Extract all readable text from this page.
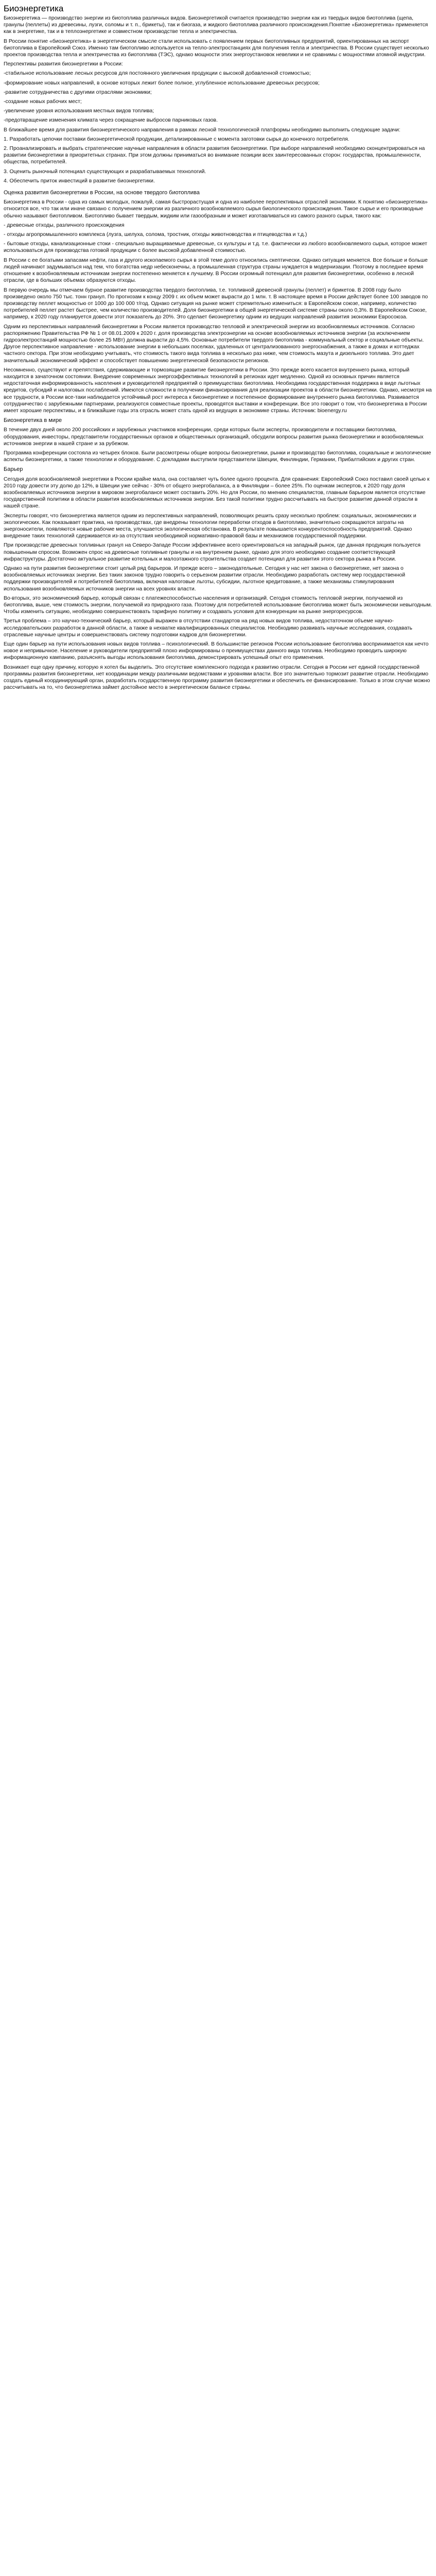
Биоэнергетика

Биоэнергетика — производство энергии из биотоплива различных видов. Биоэнергетикой считается производство энергии как из твердых видов биотоплива (щепа, гранулы (пеллеты) из древесины, лузги, соломы и т. п., брикеты), так и биогаза, и жидкого биотоплива различного происхождения.Понятие «Биоэнергетика» применяется как в энергетике, так и в теплоэнергетике и совместном производстве тепла и электричества.

В России понятие «биоэнергетика» в энергетическом смысле стали использовать с появлением первых биотопливных предприятий, ориентированных на экспорт биотоплива в Европейский Союз. Именно там биотопливо используется на тепло-электростанциях для получения тепла и электричества. В России существует несколько проектов производства тепла и электричества из биотоплива (ТЭС), однако мощности этих энергоустановок невелики и не сравнимы с мощностями атомной индустрии.

Перспективы развития биоэнергетики в России:

-стабильное использование лесных ресурсов для постоянного увеличения продукции с высокой добавленной стоимостью;

-формирование новых направлений, в основе которых лежит более полное, углубленное использование древесных ресурсов;

-развитие сотрудничества с другими отраслями экономики;

-создание новых рабочих мест;

-увеличение уровня использования местных видов топлива;

-предотвращение изменения климата через сокращение выбросов парниковых газов.

В ближайшее время для развития биоэнергетического направления в рамках лесной технологической платформы необходимо выполнить следующие задачи:

1. Разработать цепочки поставки биоэнергетической продукции, детализированные с момента заготовки сырья до конечного потребителя.

2. Проанализировать и выбрать стратегические научные направления в области развития биоэнергетики. При выборе направлений необходимо сконцентрироваться на развитии биоэнергетики в приоритетных странах. При этом должны приниматься во внимание позиции всех заинтересованных сторон: государства, промышленности, общества, потребителей.

3. Оценить рыночный потенциал существующих и разрабатываемых технологий.

4. Обеспечить приток инвестиций в развитие биоэнергетики.

Оценка развития биоэнергетики в России, на основе твердого биотоплива

Биоэнергетика в России - одна из самых молодых, пожалуй, самая быстрорастущая и одна из наиболее перспективных отраслей экономики. К понятию «биоэнергетика» относится все, что так или иначе связано с получением энергии из различного возобновляемого сырья биологического происхождения. Такое сырье и его производные обычно называют биотопливом. Биотопливо бывает твердым, жидким или газообразным и может изготавливаться из самого разного сырья, такого как:

- древесные отходы, различного происхождения

- отходы агропромышленного комплекса (лузга, шелуха, солома, тростник, отходы животноводства и птицеводства и т.д.)

- бытовые отходы, канализационные стоки - специально выращиваемые древесные, сх культуры и т.д. т.е. фактически из любого возобновляемого сырья, которое может использоваться для производства готовой продукции с более высокой добавленной стоимостью.

В России с ее богатыми запасами нефти, газа и другого ископаемого сырья в этой теме долго относились скептически. Однако ситуация меняется. Все больше и больше людей начинают задумываться над тем, что богатства недр небесконечны, а промышленная структура страны нуждается в модернизации. Поэтому в последнее время отношение к возобновляемым источникам энергии постепенно меняется к лучшему. В России огромный потенциал для развития биоэнергетики, особенно в лесной отрасли, где в больших объемах образуются отходы.

В первую очередь мы отмечаем бурное развитие производства твердого биотоплива, т.е. топливной древесной гранулы (пеллет) и брикетов. В 2008 году было произведено около 750 тыс. тонн гранул. По прогнозам к концу 2009 г. их объем может вырасти до 1 млн. т. В настоящее время в России действует более 100 заводов по производству пеллет мощностью от 1000 до 100 000 т/год. Однако ситуация на рынке может стремительно измениться: в Европейском союзе, например, количество потребителей пеллет растет быстрее, чем количество производителей. Доля биоэнергетики в общей энергетической системе страны около 0,3%. В Европейском Союзе, например, к 2020 году планируется довести этот показатель до 20%. Это сделает биоэнергетику одним из ведущих направлений развития экономики Евросоюза.

Одним из перспективных направлений биоэнергетики в России является производство тепловой и электрической энергии из возобновляемых источников. Согласно распоряжению Правительства РФ № 1 от 08.01.2009 к 2020 г. доля производства электроэнергии на основе возобновляемых источников энергии (за исключением гидроэлектростанций мощностью более 25 МВт) должна вырасти до 4,5%. Основные потребители твердого биотоплива - коммунальный сектор и социальные объекты. Другое перспективное направление - использование энергии в небольших поселках, удаленных от централизованного энергоснабжения, а также в домах и коттеджах частного сектора. При этом необходимо учитывать, что стоимость такого вида топлива в несколько раз ниже, чем стоимость мазута и дизельного топлива. Это дает значительный экономический эффект и способствует повышению энергетической безопасности регионов.

Несомненно, существуют и препятствия, сдерживающие и тормозящие развитие биоэнергетики в России. Это прежде всего касается внутреннего рынка, который находится в зачаточном состоянии. Внедрение современных энергоэффективных технологий в регионах идет медленно. Одной из основных причин является недостаточная информированность населения и руководителей предприятий о преимуществах биотоплива. Необходима государственная поддержка в виде льготных кредитов, субсидий и налоговых послаблений. Имеются сложности в получении финансирования для реализации проектов в области биоэнергетики. Однако, несмотря на все трудности, в России все-таки наблюдается устойчивый рост интереса к биоэнергетике и постепенное формирование внутреннего рынка биотоплива. Развивается сотрудничество с зарубежными партнерами, реализуются совместные проекты, проводятся выставки и конференции. Все это говорит о том, что биоэнергетика в России имеет хорошие перспективы, и в ближайшие годы эта отрасль может стать одной из ведущих в экономике страны. Источник: bioenergy.ru

Биоэнергетика в мире

В течение двух дней около 200 российских и зарубежных участников конференции, среди которых были эксперты, производители и поставщики биотоплива, оборудования, инвесторы, представители государственных органов и общественных организаций, обсудили вопросы развития рынка биоэнергетики и возобновляемых источников энергии в нашей стране и за рубежом.

Программа конференции состояла из четырех блоков. Были рассмотрены общие вопросы биоэнергетики, рынки и производство биотоплива, социальные и экологические аспекты биоэнергетики, а также технологии и оборудование. С докладами выступили представители Швеции, Финляндии, Германии, Прибалтийских и других стран.

Барьер

Сегодня доля возобновляемой энергетики в России крайне мала, она составляет чуть более одного процента. Для сравнения: Европейский Союз поставил своей целью к 2010 году довести эту долю до 12%, в Швеции уже сейчас - 30% от общего энергобаланса, а в Финляндии – более 25%. По оценкам экспертов, к 2020 году доля возобновляемых источников энергии в мировом энергобалансе может составить 20%. Но для России, по мнению специалистов, главным барьером является отсутствие государственной политики в области развития возобновляемых источников энергии. Без такой политики трудно рассчитывать на быстрое развитие данной отрасли в нашей стране.

Эксперты говорят, что биоэнергетика является одним из перспективных направлений, позволяющих решить сразу несколько проблем: социальных, экономических и экологических. Как показывает практика, на производствах, где внедрены технологии переработки отходов в биотопливо, значительно сокращаются затраты на энергоносители, появляются новые рабочие места, улучшается экологическая обстановка. В результате повышается конкурентоспособность предприятий. Однако внедрение таких технологий сдерживается из-за отсутствия необходимой нормативно-правовой базы и механизмов государственной поддержки.

При производстве древесных топливных гранул на Северо-Западе России эффективнее всего ориентироваться на западный рынок, где данная продукция пользуется повышенным спросом. Возможен спрос на древесные топливные гранулы и на внутреннем рынке, однако для этого необходимо создание соответствующей инфраструктуры. Достаточно актуальное развитие котельных и малоэтажного строительства создает потенциал для развития этого сектора рынка в России.

Однако на пути развития биоэнергетики стоит целый ряд барьеров. И прежде всего – законодательные. Сегодня у нас нет закона о биоэнергетике, нет закона о возобновляемых источниках энергии. Без таких законов трудно говорить о серьезном развитии отрасли. Необходимо разработать систему мер государственной поддержки производителей и потребителей биотоплива, включая налоговые льготы, субсидии, льготное кредитование, а также механизмы стимулирования использования возобновляемых источников энергии на всех уровнях власти.

Во-вторых, это экономический барьер, который связан с платежеспособностью населения и организаций. Сегодня стоимость тепловой энергии, получаемой из биотоплива, выше, чем стоимость энергии, получаемой из природного газа. Поэтому для потребителей использование биотоплива может быть экономически невыгодным. Чтобы изменить ситуацию, необходимо совершенствовать тарифную политику и создавать условия для конкуренции на рынке энергоресурсов.

Третья проблема – это научно-технический барьер, который выражен в отсутствии стандартов на ряд новых видов топлива, недостаточном объеме научно-исследовательских разработок в данной области, а также в нехватке квалифицированных специалистов. Необходимо развивать научные исследования, создавать отраслевые научные центры и совершенствовать систему подготовки кадров для биоэнергетики.

Еще один барьер на пути использования новых видов топлива – психологический. В большинстве регионов России использование биотоплива воспринимается как нечто новое и непривычное. Население и руководители предприятий плохо информированы о преимуществах данного вида топлива. Необходимо проводить широкую информационную кампанию, разъяснять выгоды использования биотоплива, демонстрировать успешный опыт его применения.

Возникает еще одну причину, которую я хотел бы выделить. Это отсутствие комплексного подхода к развитию отрасли. Сегодня в России нет единой государственной программы развития биоэнергетики, нет координации между различными ведомствами и уровнями власти. Все это значительно тормозит развитие отрасли. Необходимо создать единый координирующий орган, разработать государственную программу развития биоэнергетики и обеспечить ее финансирование. Только в этом случае можно рассчитывать на то, что биоэнергетика займет достойное место в энергетическом балансе страны.
